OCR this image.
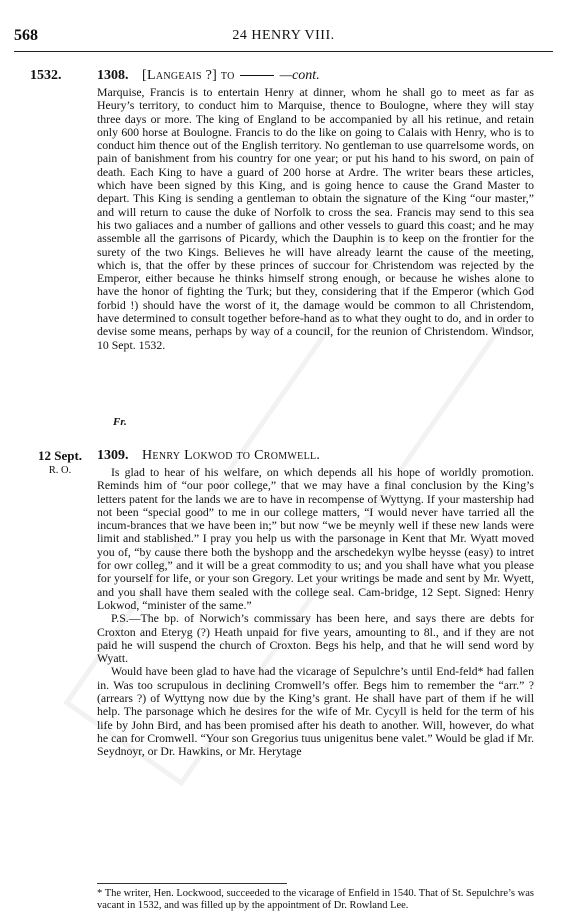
568	24 HENRY VIII.
1532.	1308. [Langeais ?] to	—cont.

Marquise, Francis is to entertain Henry at dinner, whom he shall go to meet as far as Heury’s territory, to conduct him to Marquise, thence to Boulogne, where they will stay three days or more. The king of England to be accompanied by all his retinue, and retain only 600 horse at Boulogne. Francis to do the like on going to Calais with Henry, who is to conduct him thence out of the English territory. No gentleman to use quarrelsome words, on pain of banishment from his country for one year; or put his hand to his sword, on pain of death. Each King to have a guard of 200 horse at Ardre. The writer bears these articles, which have been signed by this King, and is going hence to cause the Grand Master to depart. This King is sending a gentleman to obtain the signature of the King “our master,” and will return to cause the duke of Norfolk to cross the sea. Francis may send to this sea his two galiaces and a number of gallions and other vessels to guard this coast; and he may assemble all the garrisons of Picardy, which the Dauphin is to keep on the frontier for the surety of the two Kings. Believes he will have already learnt the cause of the meeting, which is, that the offer by these princes of succour for Christendom was rejected by the Emperor, either because he thinks himself strong enough, or because he wishes alone to have the honor of fighting the Turk; but they, considering that if the Emperor (which God forbid !) should have the worst of it, the damage would be common to all Christendom, have determined to consult together before-hand as to what they ought to do, and in order to devise some means, perhaps by way of a council, for the reunion of Christendom. Windsor, 10 Sept. 1532.

Fr.
12 Sept.
R. O.
1309. Henry Lokwod to Cromwell.

Is glad to hear of his welfare, on which depends all his hope of worldly promotion. Reminds him of “our poor college,” that we may have a final conclusion by the King’s letters patent for the lands we are to have in recompense of Wyttyng. If your mastership had not been “special good” to me in our college matters, “I would never have tarried all the incum-brances that we have been in;” but now “we be meynly well if these new lands were limit and stablished.” I pray you help us with the parsonage in Kent that Mr. Wyatt moved you of, “by cause there both the byshopp and the arschedekyn wylbe heysse (easy) to intret for owr colleg,” and it will be a great commodity to us; and you shall have what you please for yourself for life, or your son Gregory. Let your writings be made and sent by Mr. Wyett, and you shall have them sealed with the college seal. Cam-bridge, 12 Sept. Signed: Henry Lokwod, “minister of the same.”

P.S.—The bp. of Norwich’s commissary has been here, and says there are debts for Croxton and Eteryg (?) Heath unpaid for five years, amounting to 8l., and if they are not paid he will suspend the church of Croxton. Begs his help, and that he will send word by Wyatt.

Would have been glad to have had the vicarage of Sepulchre’s until End-feld* had fallen in. Was too scrupulous in declining Cromwell’s offer. Begs him to remember the “arr.” ? (arrears ?) of Wyttyng now due by the King’s grant. He shall have part of them if he will help. The parsonage which he desires for the wife of Mr. Cycyll is held for the term of his life by John Bird, and has been promised after his death to another. Will, however, do what he can for Cromwell. “Your son Gregorius tuus unigenitus bene valet.” Would be glad if Mr. Seydnoyr, or Dr. Hawkins, or Mr. Herytage

* The writer, Hen. Lockwood, succeeded to the vicarage of Enfield in 1540. That of St. Sepulchre’s was vacant in 1532, and was filled up by the appointment of Dr. Rowland Lee.
